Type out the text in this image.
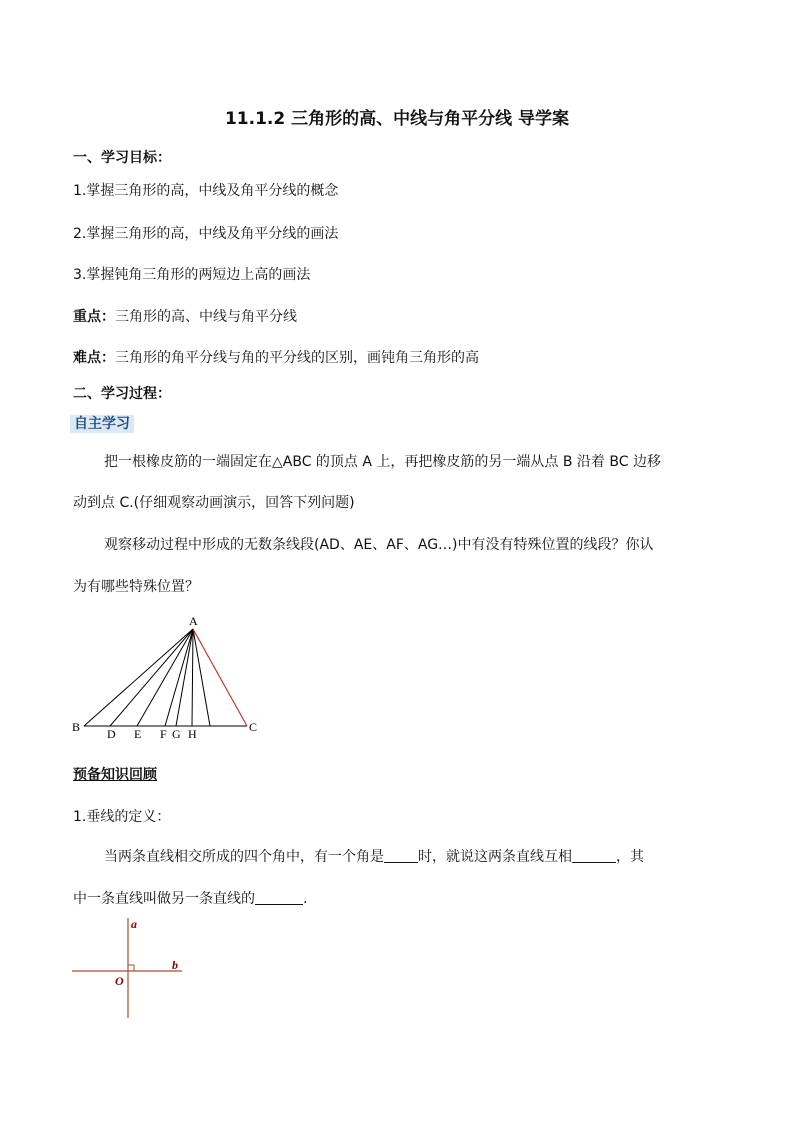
11.1.2 三角形的高、中线与角平分线 导学案
一、学习目标：
1.掌握三角形的高，中线及角平分线的概念
2.掌握三角形的高，中线及角平分线的画法
3.掌握钝角三角形的两短边上高的画法
重点：三角形的高、中线与角平分线
难点：三角形的角平分线与角的平分线的区别，画钝角三角形的高
二、学习过程：
自主学习
把一根橡皮筋的一端固定在△ABC 的顶点 A 上，再把橡皮筋的另一端从点 B 沿着 BC 边移
动到点 C.(仔细观察动画演示，回答下列问题)
观察移动过程中形成的无数条线段(AD、AE、AF、AG…)中有没有特殊位置的线段？你认
为有哪些特殊位置？
A
B	C
D E F G H
预备知识回顾
1.垂线的定义：
当两条直线相交所成的四个角中，有一个角是 时，就说这两条直线互相	，其
中一条直线叫做另一条直线的	.
a
b
O
